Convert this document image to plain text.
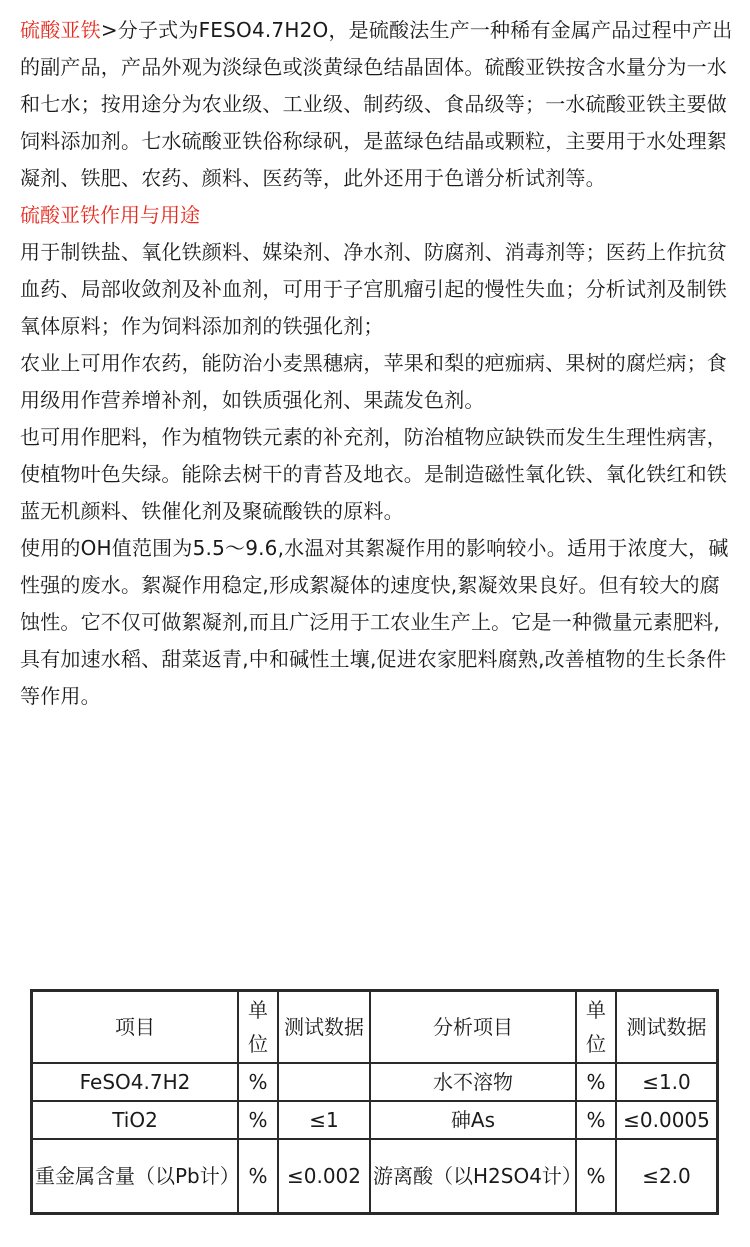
硫酸亚铁>分子式为FESO4.7H2O，是硫酸法生产一种稀有金属产品过程中产出的副产品，产品外观为淡绿色或淡黄绿色结晶固体。硫酸亚铁按含水量分为一水和七水；按用途分为农业级、工业级、制药级、食品级等；一水硫酸亚铁主要做饲料添加剂。七水硫酸亚铁俗称绿矾，是蓝绿色结晶或颗粒，主要用于水处理絮凝剂、铁肥、农药、颜料、医药等，此外还用于色谱分析试剂等。

硫酸亚铁作用与用途

用于制铁盐、氧化铁颜料、媒染剂、净水剂、防腐剂、消毒剂等；医药上作抗贫血药、局部收敛剂及补血剂，可用于子宫肌瘤引起的慢性失血；分析试剂及制铁氧体原料；作为饲料添加剂的铁强化剂；

农业上可用作农药，能防治小麦黑穗病，苹果和梨的疤痂病、果树的腐烂病；食用级用作营养增补剂，如铁质强化剂、果蔬发色剂。

也可用作肥料，作为植物铁元素的补充剂，防治植物应缺铁而发生生理性病害，使植物叶色失绿。能除去树干的青苔及地衣。是制造磁性氧化铁、氧化铁红和铁蓝无机颜料、铁催化剂及聚硫酸铁的原料。

使用的OH值范围为5.5～9.6,水温对其絮凝作用的影响较小。适用于浓度大，碱性强的废水。絮凝作用稳定,形成絮凝体的速度快,絮凝效果良好。但有较大的腐蚀性。它不仅可做絮凝剂,而且广泛用于工农业生产上。它是一种微量元素肥料,具有加速水稻、甜菜返青,中和碱性土壤,促进农家肥料腐熟,改善植物的生长条件等作用。

项目	单位	测试数据	分析项目	单位	测试数据
FeSO4.7H2	%		水不溶物	%	≤1.0
TiO2	%	≤1	砷As	%	≤0.0005
重金属含量（以Pb计）	%	≤0.002	游离酸（以H2SO4计）	%	≤2.0
